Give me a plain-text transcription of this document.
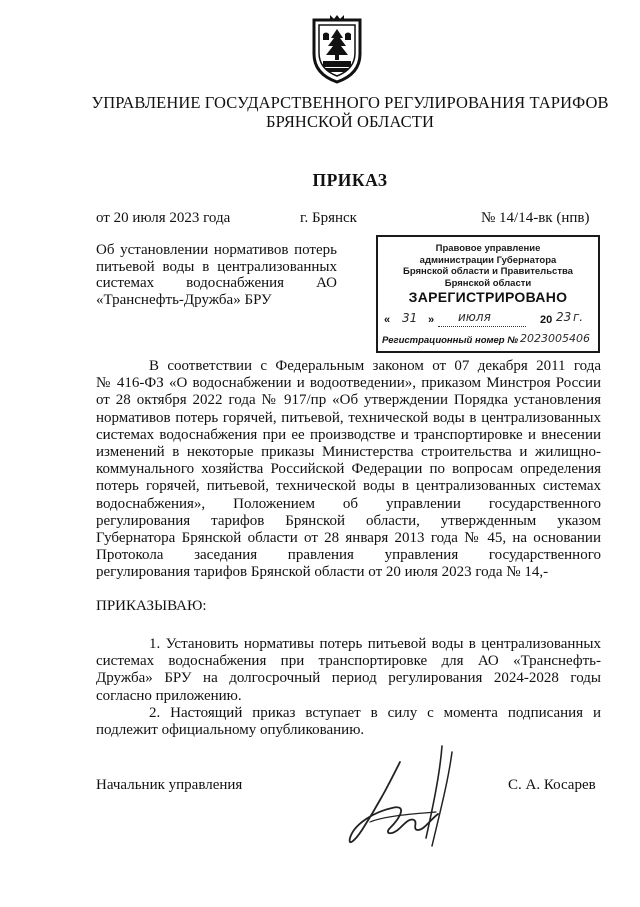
УПРАВЛЕНИЕ ГОСУДАРСТВЕННОГО РЕГУЛИРОВАНИЯ ТАРИФОВ
БРЯНСКОЙ ОБЛАСТИ
ПРИКАЗ
от 20 июля 2023 года	г. Брянск	№ 14/14-вк (нпв)
Об установлении нормативов потерь
питьевой воды в централизованных
системах водоснабжения АО
«Транснефть-Дружба» БРУ
Правовое управление
администрации Губернатора
Брянской области и Правительства
Брянской области
ЗАРЕГИСТРИРОВАНО
« 31 » июля	20 23 г.
Регистрационный номер № 2023005406
В соответствии с Федеральным законом от 07 декабря 2011 года
№ 416-ФЗ «О водоснабжении и водоотведении», приказом Минстроя России
от 28 октября 2022 года № 917/пр «Об утверждении Порядка установления
нормативов потерь горячей, питьевой, технической воды в централизованных
системах водоснабжения при ее производстве и транспортировке и внесении
изменений в некоторые приказы Министерства строительства и жилищно-
коммунального хозяйства Российской Федерации по вопросам определения
потерь горячей, питьевой, технической воды в централизованных системах
водоснабжения», Положением об управлении государственного
регулирования тарифов Брянской области, утвержденным указом
Губернатора Брянской области от 28 января 2013 года № 45, на основании
Протокола заседания правления управления государственного
регулирования тарифов Брянской области от 20 июля 2023 года № 14,-
ПРИКАЗЫВАЮ:
1. Установить нормативы потерь питьевой воды в централизованных
системах водоснабжения при транспортировке для АО «Транснефть-
Дружба» БРУ на долгосрочный период регулирования 2024-2028 годы
согласно приложению.
2. Настоящий приказ вступает в силу с момента подписания и
подлежит официальному опубликованию.
Начальник управления	С. А. Косарев
